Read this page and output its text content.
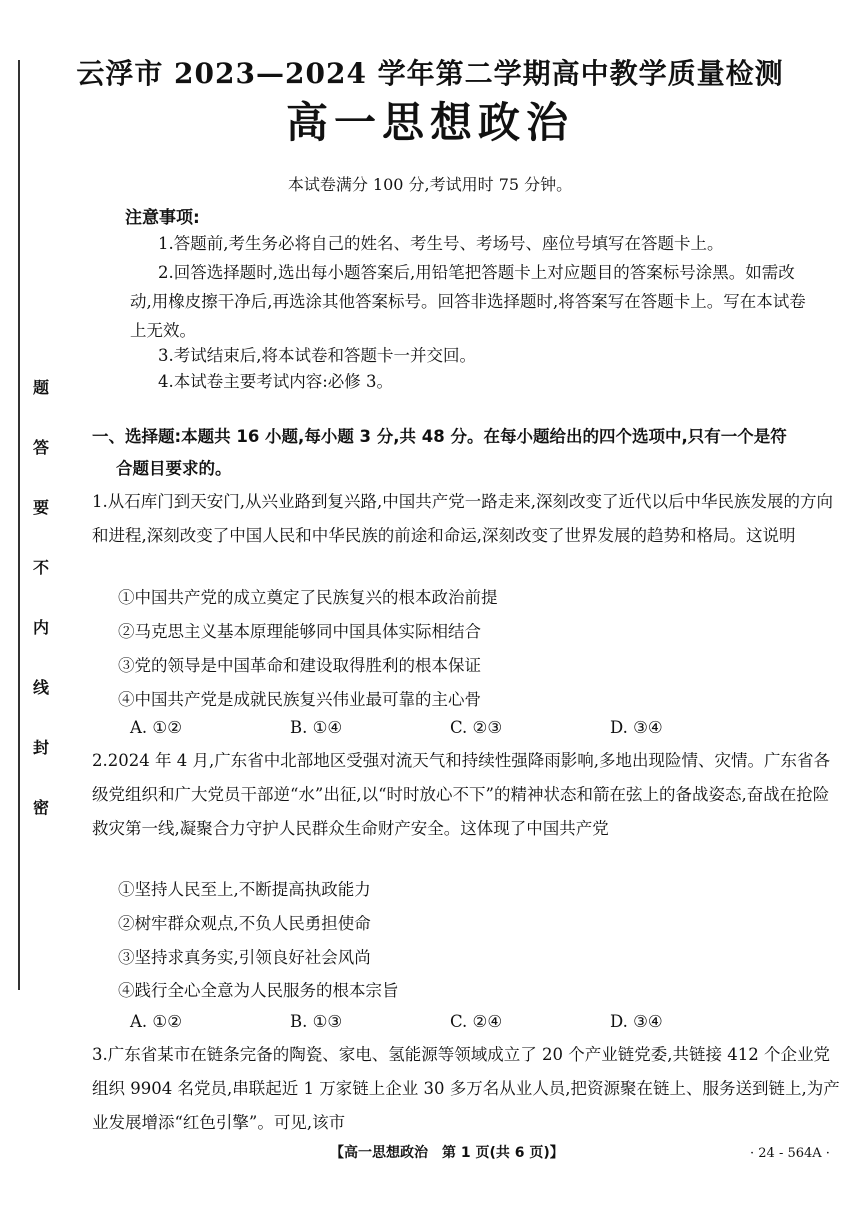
题
答
要
不
内
线
封
密
云浮市 2023—2024 学年第二学期高中教学质量检测
高一思想政治
本试卷满分 100 分,考试用时 75 分钟。
注意事项:
1.答题前,考生务必将自己的姓名、考生号、考场号、座位号填写在答题卡上。
2.回答选择题时,选出每小题答案后,用铅笔把答题卡上对应题目的答案标号涂黑。如需改动,用橡皮擦干净后,再选涂其他答案标号。回答非选择题时,将答案写在答题卡上。写在本试卷上无效。
3.考试结束后,将本试卷和答题卡一并交回。
4.本试卷主要考试内容:必修 3。
一、选择题:本题共 16 小题,每小题 3 分,共 48 分。在每小题给出的四个选项中,只有一个是符
合题目要求的。
1.从石库门到天安门,从兴业路到复兴路,中国共产党一路走来,深刻改变了近代以后中华民族发展的方向和进程,深刻改变了中国人民和中华民族的前途和命运,深刻改变了世界发展的趋势和格局。这说明
①中国共产党的成立奠定了民族复兴的根本政治前提
②马克思主义基本原理能够同中国具体实际相结合
③党的领导是中国革命和建设取得胜利的根本保证
④中国共产党是成就民族复兴伟业最可靠的主心骨
A. ①②	B. ①④	C. ②③	D. ③④
2.2024 年 4 月,广东省中北部地区受强对流天气和持续性强降雨影响,多地出现险情、灾情。广东省各级党组织和广大党员干部逆“水”出征,以“时时放心不下”的精神状态和箭在弦上的备战姿态,奋战在抢险救灾第一线,凝聚合力守护人民群众生命财产安全。这体现了中国共产党
①坚持人民至上,不断提高执政能力
②树牢群众观点,不负人民勇担使命
③坚持求真务实,引领良好社会风尚
④践行全心全意为人民服务的根本宗旨
A. ①②	B. ①③	C. ②④	D. ③④
3.广东省某市在链条完备的陶瓷、家电、氢能源等领域成立了 20 个产业链党委,共链接 412 个企业党组织 9904 名党员,串联起近 1 万家链上企业 30 多万名从业人员,把资源聚在链上、服务送到链上,为产业发展增添“红色引擎”。可见,该市
【高一思想政治　第 1 页(共 6 页)】	· 24 - 564A ·
